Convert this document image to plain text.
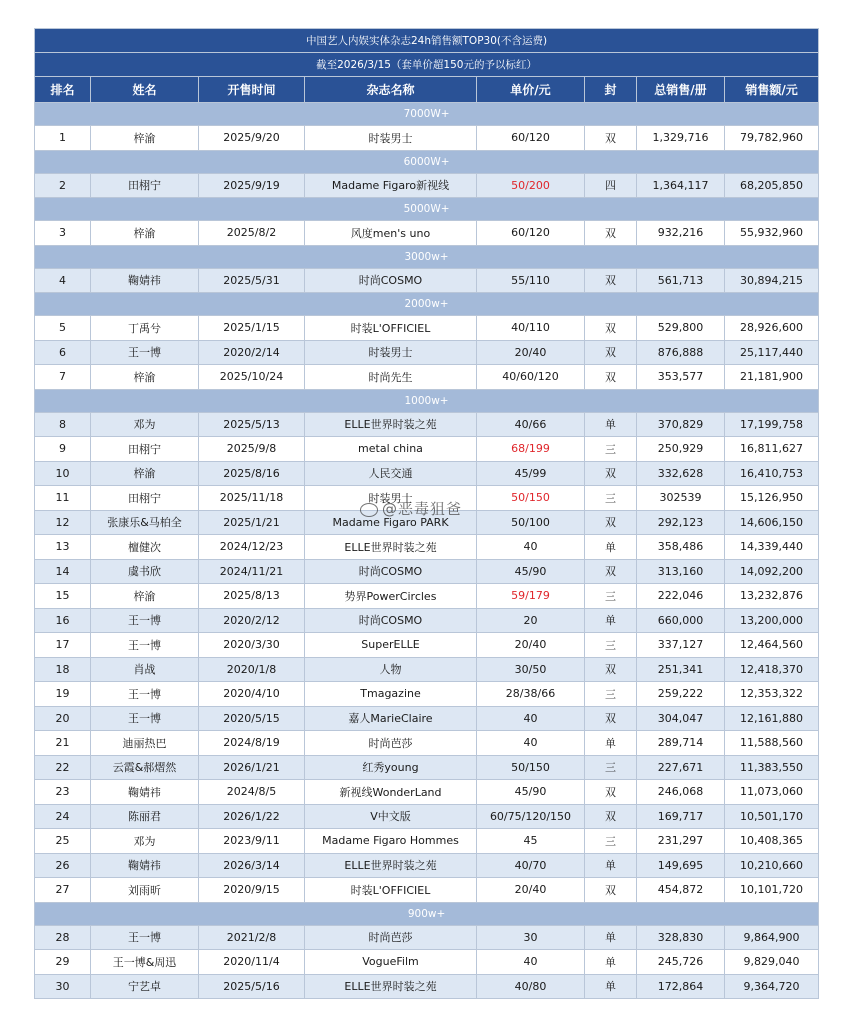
中国艺人内娱实体杂志24h销售额TOP30(不含运费)							
截至2026/3/15（套单价超150元的予以标红）							
排名	姓名	开售时间	杂志名称	单价/元	封	总销售/册	销售额/元
7000W+							
1	梓渝	2025/9/20	时装男士	60/120	双	1,329,716	79,782,960
6000W+							
2	田栩宁	2025/9/19	Madame Figaro新视线	50/200	四	1,364,117	68,205,850
5000W+							
3	梓渝	2025/8/2	风度men's uno	60/120	双	932,216	55,932,960
3000w+							
4	鞠婧祎	2025/5/31	时尚COSMO	55/110	双	561,713	30,894,215
2000w+							
5	丁禹兮	2025/1/15	时装L'OFFICIEL	40/110	双	529,800	28,926,600
6	王一博	2020/2/14	时装男士	20/40	双	876,888	25,117,440
7	梓渝	2025/10/24	时尚先生	40/60/120	双	353,577	21,181,900
1000w+							
8	邓为	2025/5/13	ELLE世界时装之苑	40/66	单	370,829	17,199,758
9	田栩宁	2025/9/8	metal china	68/199	三	250,929	16,811,627
10	梓渝	2025/8/16	人民交通	45/99	双	332,628	16,410,753
11	田栩宁	2025/11/18	时装男士	50/150	三	302539	15,126,950
12	张康乐&马柏全	2025/1/21	Madame Figaro PARK	50/100	双	292,123	14,606,150
13	檀健次	2024/12/23	ELLE世界时装之苑	40	单	358,486	14,339,440
14	虞书欣	2024/11/21	时尚COSMO	45/90	双	313,160	14,092,200
15	梓渝	2025/8/13	势界PowerCircles	59/179	三	222,046	13,232,876
16	王一博	2020/2/12	时尚COSMO	20	单	660,000	13,200,000
17	王一博	2020/3/30	SuperELLE	20/40	三	337,127	12,464,560
18	肖战	2020/1/8	人物	30/50	双	251,341	12,418,370
19	王一博	2020/4/10	Tmagazine	28/38/66	三	259,222	12,353,322
20	王一博	2020/5/15	嘉人MarieClaire	40	双	304,047	12,161,880
21	迪丽热巴	2024/8/19	时尚芭莎	40	单	289,714	11,588,560
22	云霞&郝熠然	2026/1/21	红秀young	50/150	三	227,671	11,383,550
23	鞠婧祎	2024/8/5	新视线WonderLand	45/90	双	246,068	11,073,060
24	陈丽君	2026/1/22	V中文版	60/75/120/150	双	169,717	10,501,170
25	邓为	2023/9/11	Madame Figaro Hommes	45	三	231,297	10,408,365
26	鞠婧祎	2026/3/14	ELLE世界时装之苑	40/70	单	149,695	10,210,660
27	刘雨昕	2020/9/15	时装L'OFFICIEL	20/40	双	454,872	10,101,720
900w+							
28	王一博	2021/2/8	时尚芭莎	30	单	328,830	9,864,900
29	王一博&周迅	2020/11/4	VogueFilm	40	单	245,726	9,829,040
30	宁艺卓	2025/5/16	ELLE世界时装之苑	40/80	单	172,864	9,364,720
@恶毒狙爸
